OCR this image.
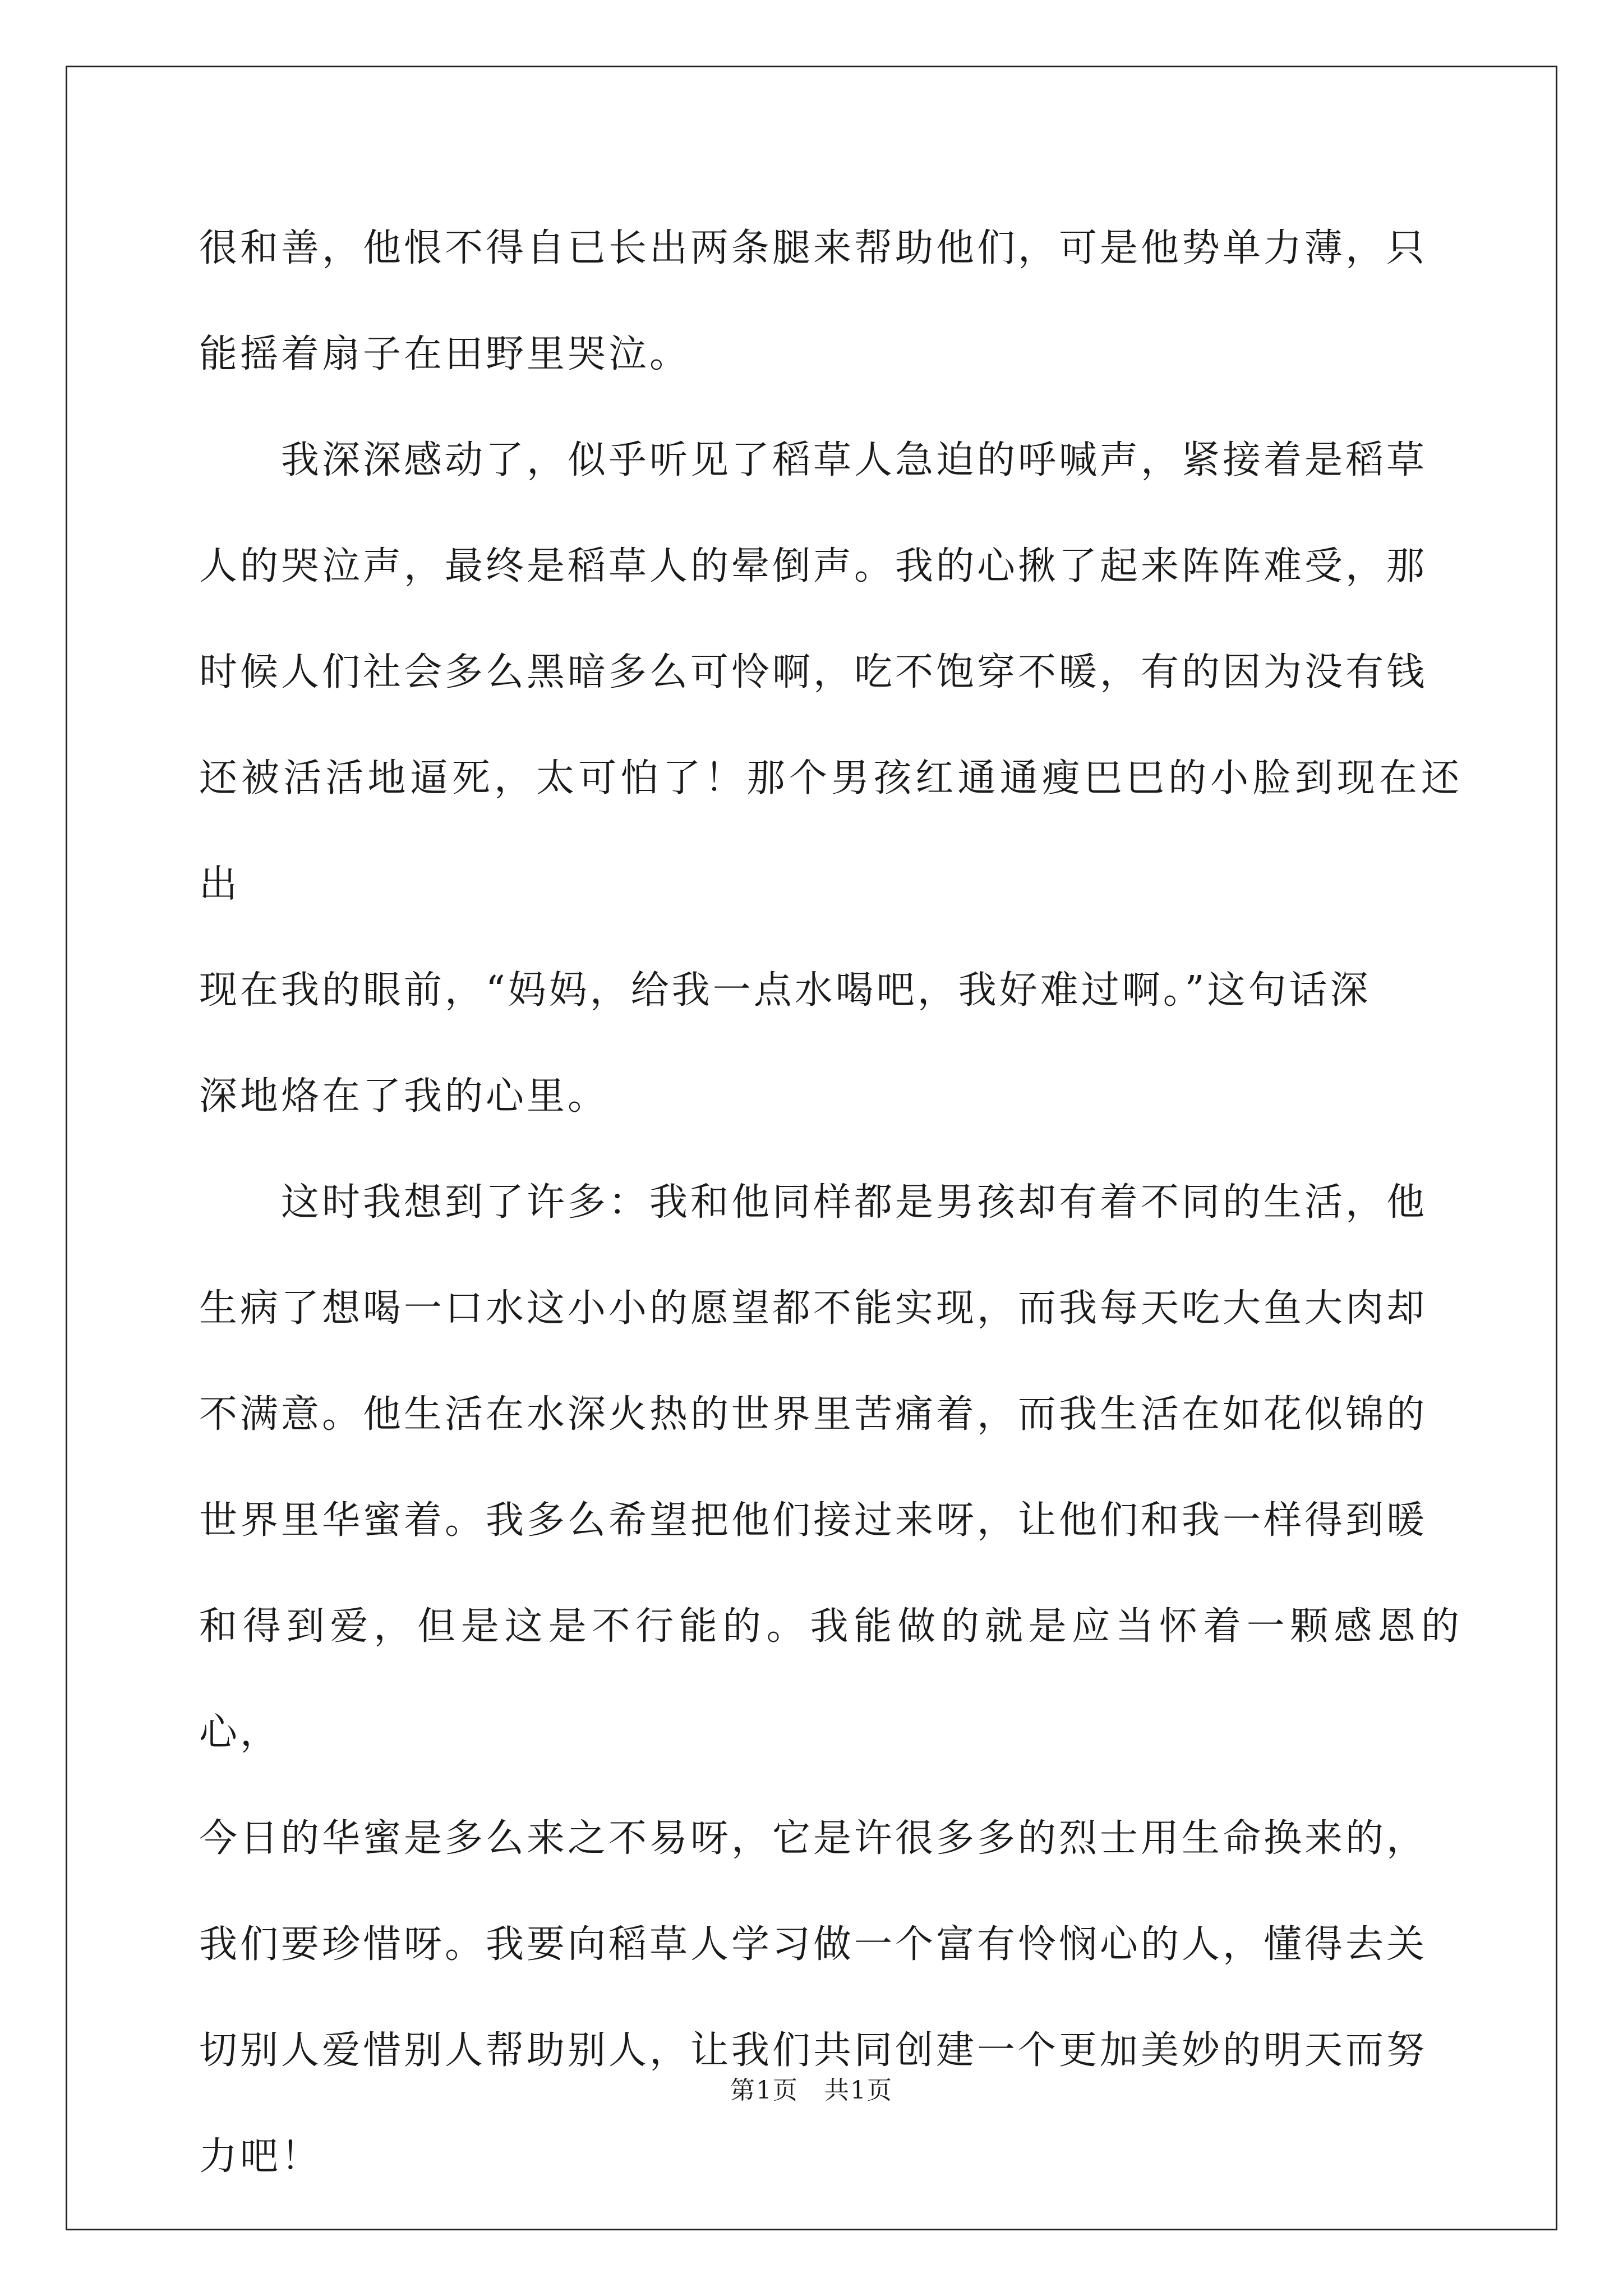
很和善，他恨不得自已长出两条腿来帮助他们，可是他势单力薄，只
能摇着扇子在田野里哭泣。

　　我深深感动了，似乎听见了稻草人急迫的呼喊声，紧接着是稻草
人的哭泣声，最终是稻草人的晕倒声。我的心揪了起来阵阵难受，那
时候人们社会多么黑暗多么可怜啊，吃不饱穿不暖，有的因为没有钱
还被活活地逼死，太可怕了！那个男孩红通通瘦巴巴的小脸到现在还出
现在我的眼前，“妈妈，给我一点水喝吧，我好难过啊。”这句话深
深地烙在了我的心里。

　　这时我想到了许多：我和他同样都是男孩却有着不同的生活，他
生病了想喝一口水这小小的愿望都不能实现，而我每天吃大鱼大肉却
不满意。他生活在水深火热的世界里苦痛着，而我生活在如花似锦的
世界里华蜜着。我多么希望把他们接过来呀，让他们和我一样得到暖
和得到爱，但是这是不行能的。我能做的就是应当怀着一颗感恩的心，
今日的华蜜是多么来之不易呀，它是许很多多的烈士用生命换来的，
我们要珍惜呀。我要向稻草人学习做一个富有怜悯心的人，懂得去关
切别人爱惜别人帮助别人，让我们共同创建一个更加美妙的明天而努
力吧！

第1页　共1页
